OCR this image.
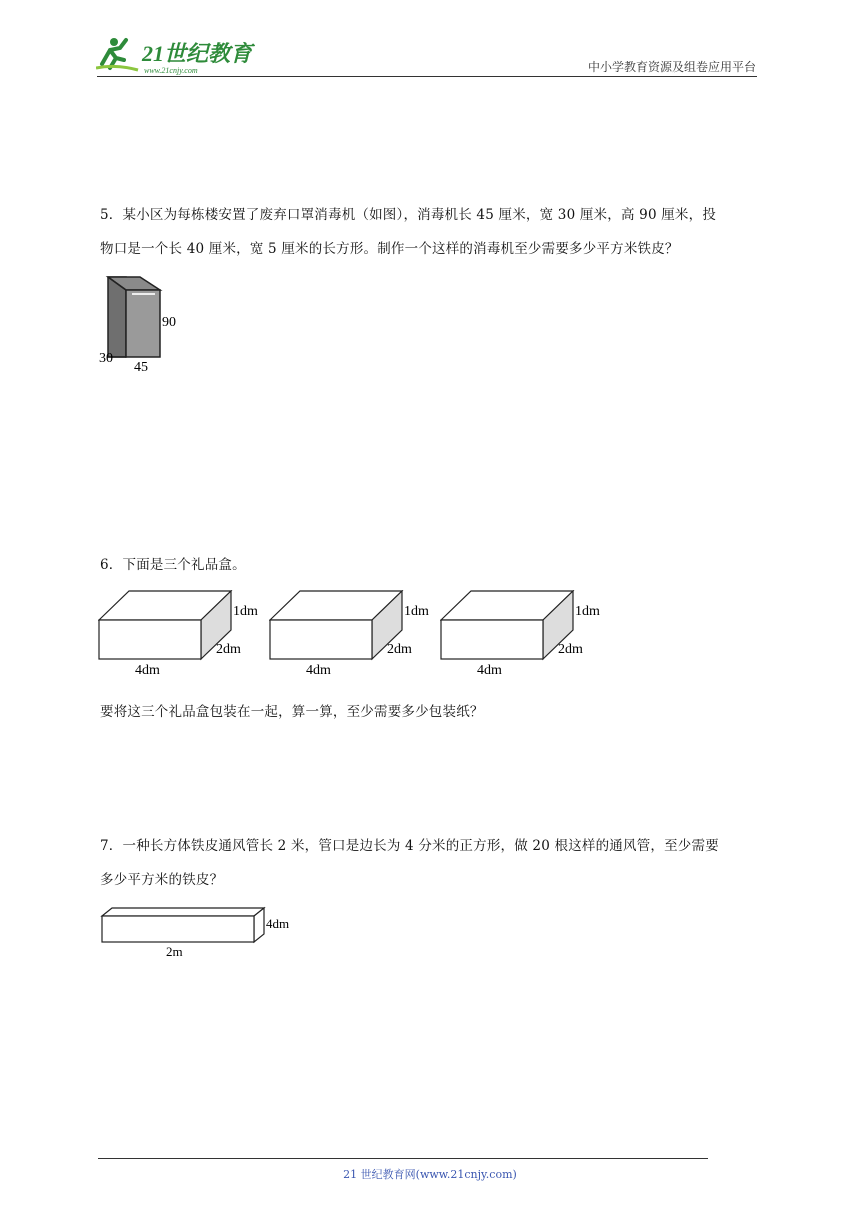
21世纪教育
www.21cnjy.com	中小学教育资源及组卷应用平台
5．某小区为每栋楼安置了废弃口罩消毒机（如图），消毒机长 45 厘米，宽 30 厘米，高 90 厘米，投
物口是一个长 40 厘米，宽 5 厘米的长方形。制作一个这样的消毒机至少需要多少平方米铁皮？
90
30
45
6．下面是三个礼品盒。
1dm
2dm
4dm
1dm
2dm
4dm
1dm
2dm
4dm
要将这三个礼品盒包装在一起，算一算，至少需要多少包装纸？
7．一种长方体铁皮通风管长 2 米，管口是边长为 4 分米的正方形，做 20 根这样的通风管，至少需要
多少平方米的铁皮？
4dm
2m
21 世纪教育网(www.21cnjy.com)
